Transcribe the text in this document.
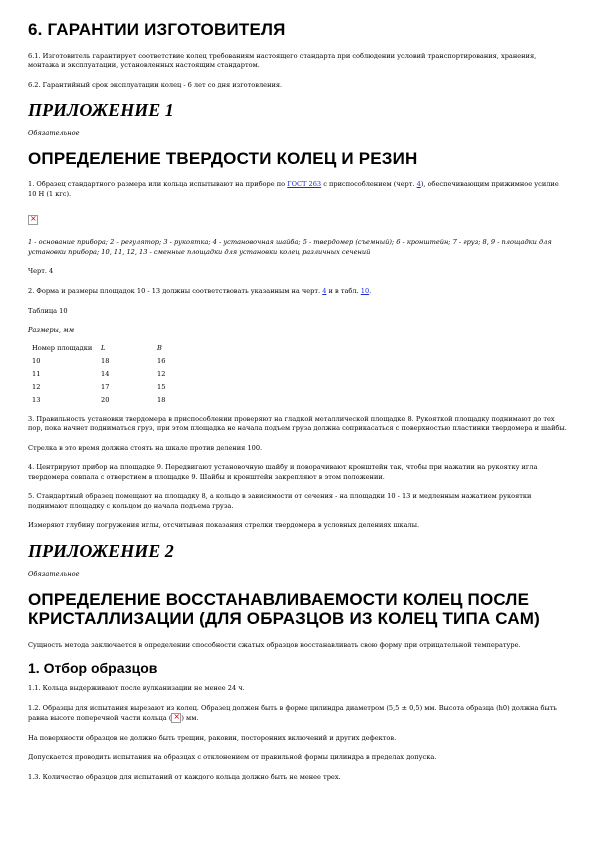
6. ГАРАНТИИ ИЗГОТОВИТЕЛЯ

6.1. Изготовитель гарантирует соответствие колец требованиям настоящего стандарта при соблюдении условий транспортирования, хранения, монтажа и эксплуатации, установленных настоящим стандартом.

6.2. Гарантийный срок эксплуатации колец - 6 лет со дня изготовления.

ПРИЛОЖЕНИЕ 1

Обязательное

ОПРЕДЕЛЕНИЕ ТВЕРДОСТИ КОЛЕЦ И РЕЗИН

1. Образец стандартного размера или кольца испытывают на приборе по ГОСТ 263 с приспособлением (черт. 4), обеспечивающим прижимное усилие 10 Н (1 кгс).

×

1 - основание прибора; 2 - регулятор; 3 - рукоятка; 4 - установочная шайба; 5 - твердомер (съемный); 6 - кронштейн; 7 - груз; 8, 9 - площадки для установки прибора; 10, 11, 12, 13 - сменные площадки для установки колец различных сечений

Черт. 4

2. Форма и размеры площадок 10 - 13 должны соответствовать указанным на черт. 4 и в табл. 10.

Таблица 10

Размеры, мм

Номер площадки	L	B
10	18	16
11	14	12
12	17	15
13	20	18

3. Правильность установки твердомера в приспособлении проверяют на гладкой металлической площадке 8. Рукояткой площадку поднимают до тех пор, пока начнет подниматься груз, при этом площадка не начала подъем груза должна соприкасаться с поверхностью пластинки твердомера и шайбы.

Стрелка в это время должна стоять на шкале против деления 100.

4. Центрируют прибор на площадке 9. Передвигают установочную шайбу и поворачивают кронштейн так, чтобы при нажатии на рукоятку игла твердомера совпала с отверстием в площадке 9. Шайбы и кронштейн закрепляют в этом положении.

5. Стандартный образец помещают на площадку 8, а кольцо в зависимости от сечения - на площадки 10 - 13 и медленным нажатием рукоятки поднимают площадку с кольцом до начала подъема груза.

Измеряют глубину погружения иглы, отсчитывая показания стрелки твердомера в условных делениях шкалы.

ПРИЛОЖЕНИЕ 2

Обязательное

ОПРЕДЕЛЕНИЕ ВОССТАНАВЛИВАЕМОСТИ КОЛЕЦ ПОСЛЕ
КРИСТАЛЛИЗАЦИИ (ДЛЯ ОБРАЗЦОВ ИЗ КОЛЕЦ ТИПА САМ)

Сущность метода заключается в определении способности сжатых образцов восстанавливать свою форму при отрицательной температуре.

1. Отбор образцов

1.1. Кольца выдерживают после вулканизации не менее 24 ч.

1.2. Образцы для испытания вырезают из колец. Образец должен быть в форме цилиндра диаметром (5,5 ± 0,5) мм. Высота образца (h0) должна быть равна высоте поперечной части кольца ( × ) мм.

На поверхности образцов не должно быть трещин, раковин, посторонних включений и других дефектов.

Допускается проводить испытания на образцах с отклонением от правильной формы цилиндра в пределах допуска.

1.3. Количество образцов для испытаний от каждого кольца должно быть не менее трех.
